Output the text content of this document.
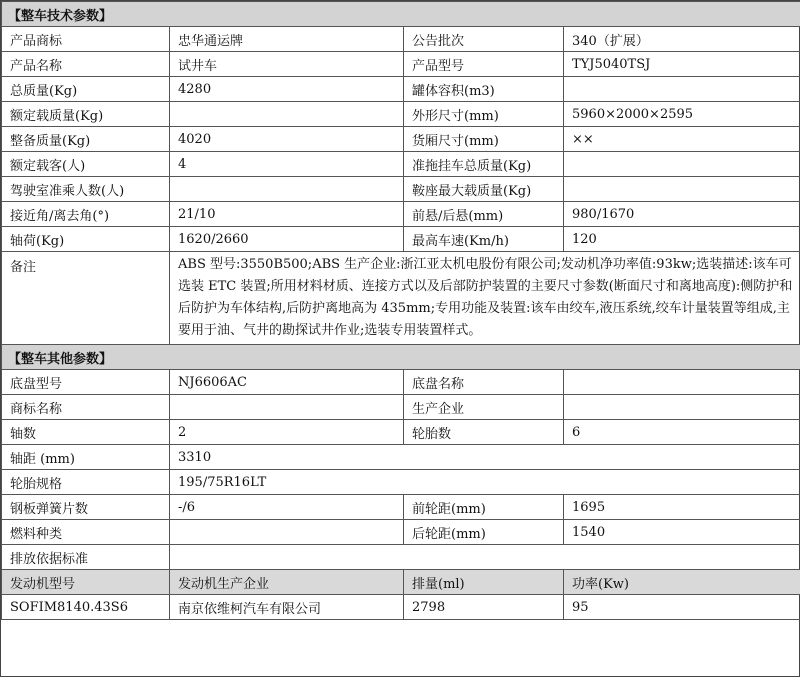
【整车技术参数】			
产品商标	忠华通运牌	公告批次	340（扩展）
产品名称	试井车	产品型号	TYJ5040TSJ
总质量(Kg)	4280	罐体容积(m3)	
额定载质量(Kg)		外形尺寸(mm)	5960×2000×2595
整备质量(Kg)	4020	货厢尺寸(mm)	××
额定载客(人)	4	准拖挂车总质量(Kg)	
驾驶室准乘人数(人)		鞍座最大载质量(Kg)	
接近角/离去角(°)	21/10	前悬/后悬(mm)	980/1670
轴荷(Kg)	1620/2660	最高车速(Km/h)	120
备注	ABS 型号:3550B500;ABS 生产企业:浙江亚太机电股份有限公司;发动机净功率值:93kw;选装描述:该车可选装 ETC 装置;所用材料材质、连接方式以及后部防护装置的主要尺寸参数(断面尺寸和离地高度):侧防护和后防护为车体结构,后防护离地高为 435mm;专用功能及装置:该车由绞车,液压系统,绞车计量装置等组成,主要用于油、气井的勘探试井作业;选装专用装置样式。		
【整车其他参数】			
底盘型号	NJ6606AC	底盘名称	
商标名称		生产企业	
轴数	2	轮胎数	6
轴距 (mm)	3310		
轮胎规格	195/75R16LT		
钢板弹簧片数	-/6	前轮距(mm)	1695
燃料种类		后轮距(mm)	1540
排放依据标准			
发动机型号	发动机生产企业	排量(ml)	功率(Kw)
SOFIM8140.43S6	南京依维柯汽车有限公司	2798	95
